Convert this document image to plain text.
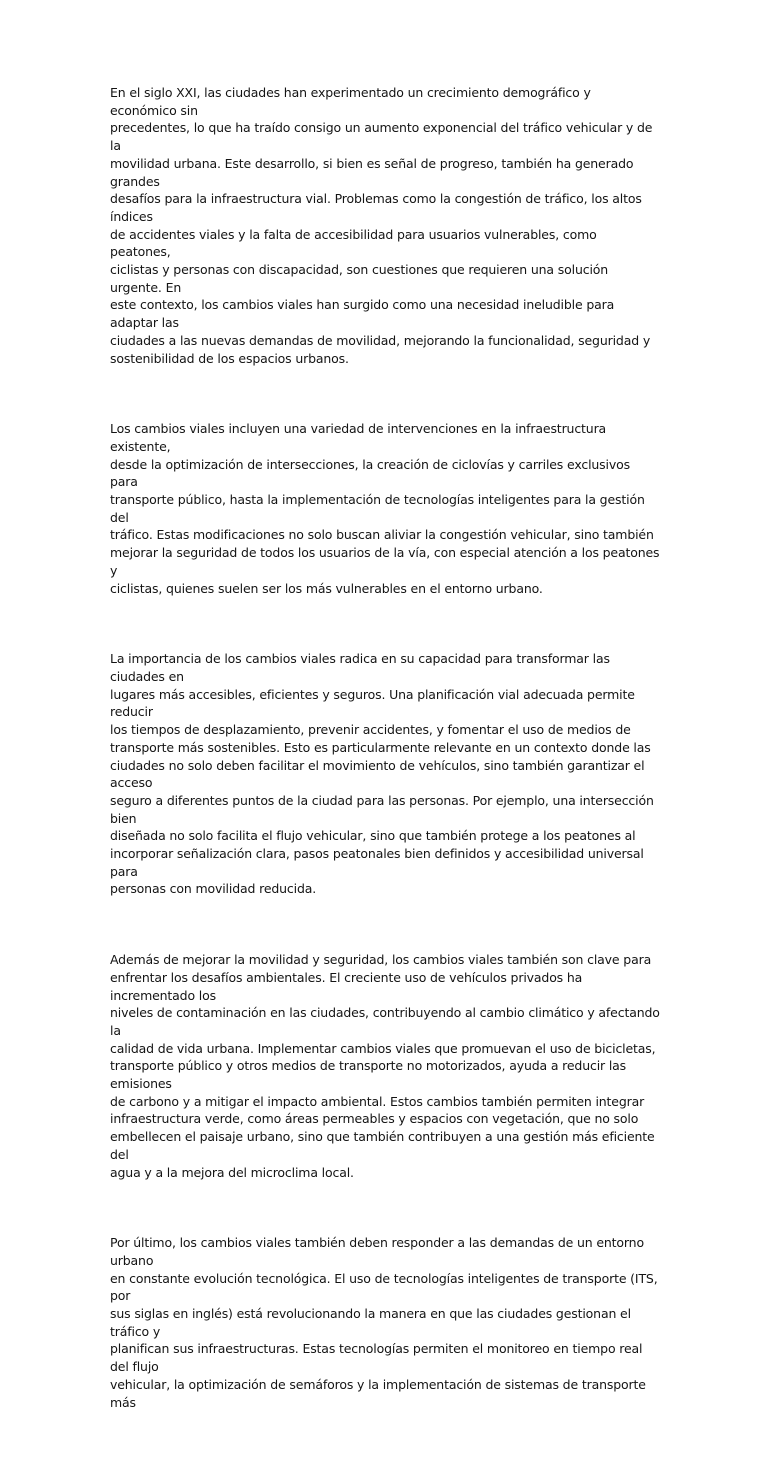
En el siglo XXI, las ciudades han experimentado un crecimiento demográfico y económico sin
precedentes, lo que ha traído consigo un aumento exponencial del tráfico vehicular y de la
movilidad urbana. Este desarrollo, si bien es señal de progreso, también ha generado grandes
desafíos para la infraestructura vial. Problemas como la congestión de tráfico, los altos índices
de accidentes viales y la falta de accesibilidad para usuarios vulnerables, como peatones,
ciclistas y personas con discapacidad, son cuestiones que requieren una solución urgente. En
este contexto, los cambios viales han surgido como una necesidad ineludible para adaptar las
ciudades a las nuevas demandas de movilidad, mejorando la funcionalidad, seguridad y
sostenibilidad de los espacios urbanos.

Los cambios viales incluyen una variedad de intervenciones en la infraestructura existente,
desde la optimización de intersecciones, la creación de ciclovías y carriles exclusivos para
transporte público, hasta la implementación de tecnologías inteligentes para la gestión del
tráfico. Estas modificaciones no solo buscan aliviar la congestión vehicular, sino también
mejorar la seguridad de todos los usuarios de la vía, con especial atención a los peatones y
ciclistas, quienes suelen ser los más vulnerables en el entorno urbano.

La importancia de los cambios viales radica en su capacidad para transformar las ciudades en
lugares más accesibles, eficientes y seguros. Una planificación vial adecuada permite reducir
los tiempos de desplazamiento, prevenir accidentes, y fomentar el uso de medios de
transporte más sostenibles. Esto es particularmente relevante en un contexto donde las
ciudades no solo deben facilitar el movimiento de vehículos, sino también garantizar el acceso
seguro a diferentes puntos de la ciudad para las personas. Por ejemplo, una intersección bien
diseñada no solo facilita el flujo vehicular, sino que también protege a los peatones al
incorporar señalización clara, pasos peatonales bien definidos y accesibilidad universal para
personas con movilidad reducida.

Además de mejorar la movilidad y seguridad, los cambios viales también son clave para
enfrentar los desafíos ambientales. El creciente uso de vehículos privados ha incrementado los
niveles de contaminación en las ciudades, contribuyendo al cambio climático y afectando la
calidad de vida urbana. Implementar cambios viales que promuevan el uso de bicicletas,
transporte público y otros medios de transporte no motorizados, ayuda a reducir las emisiones
de carbono y a mitigar el impacto ambiental. Estos cambios también permiten integrar
infraestructura verde, como áreas permeables y espacios con vegetación, que no solo
embellecen el paisaje urbano, sino que también contribuyen a una gestión más eficiente del
agua y a la mejora del microclima local.

Por último, los cambios viales también deben responder a las demandas de un entorno urbano
en constante evolución tecnológica. El uso de tecnologías inteligentes de transporte (ITS, por
sus siglas en inglés) está revolucionando la manera en que las ciudades gestionan el tráfico y
planifican sus infraestructuras. Estas tecnologías permiten el monitoreo en tiempo real del flujo
vehicular, la optimización de semáforos y la implementación de sistemas de transporte más
